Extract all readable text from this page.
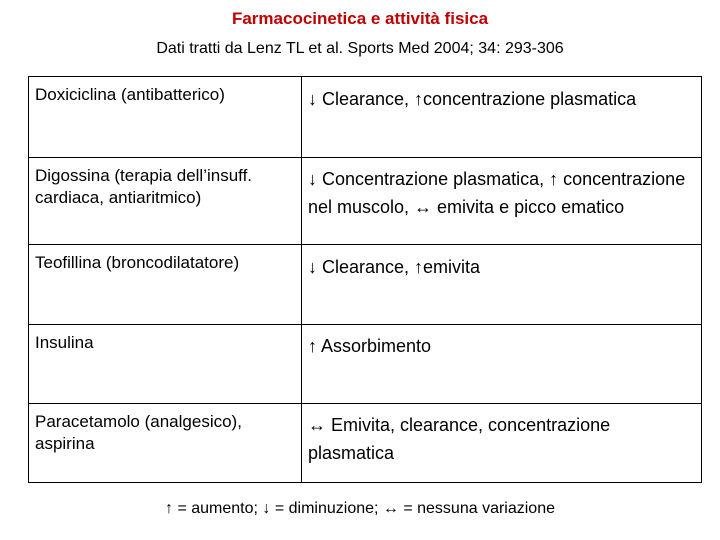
Farmacocinetica e attività fisica
Dati tratti da Lenz TL et al. Sports Med 2004; 34: 293-306
Doxiciclina (antibatterico)	↓ Clearance, ↑concentrazione plasmatica
Digossina (terapia dell’insuff. cardiaca, antiaritmico)	↓ Concentrazione plasmatica, ↑ concentrazione nel muscolo, ↔ emivita e picco ematico
Teofillina (broncodilatatore)	↓ Clearance, ↑emivita
Insulina	↑ Assorbimento
Paracetamolo (analgesico), aspirina	↔ Emivita, clearance, concentrazione plasmatica
↑ = aumento; ↓ = diminuzione; ↔ = nessuna variazione
